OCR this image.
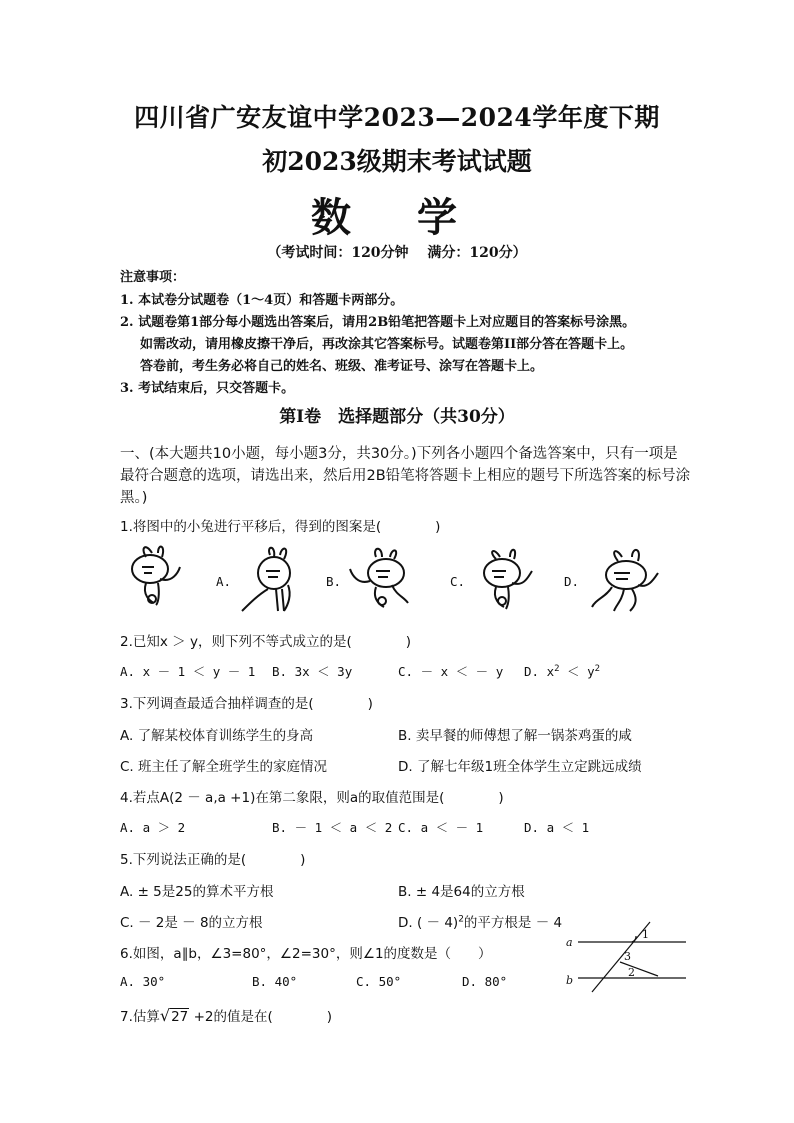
四川省广安友谊中学2023—2024学年度下期
初2023级期末考试试题
数 学
（考试时间：120分钟　 满分：120分）
注意事项：
1. 本试卷分试题卷（1～4页）和答题卡两部分。
2. 试题卷第1部分每小题选出答案后，请用2B铅笔把答题卡上对应题目的答案标号涂黑。
如需改动，请用橡皮擦干净后，再改涂其它答案标号。试题卷第II部分答在答题卡上。
答卷前，考生务必将自己的姓名、班级、准考证号、涂写在答题卡上。
3. 考试结束后，只交答题卡。
第Ⅰ卷　选择题部分（共30分）
一、(本大题共10小题，每小题3分，共30分。)下列各小题四个备选答案中，只有一项是
最符合题意的选项，请选出来，然后用2B铅笔将答题卡上相应的题号下所选答案的标号涂
黑。)
1.将图中的小兔进行平移后，得到的图案是(　　　　)
A.	B.	C.	D.
2.已知x ＞ y，则下列不等式成立的是(　　　　)
A. x － 1 ＜ y － 1 B. 3x ＜ 3y	C. － x ＜ － y D. $x^2 < y^2$
3.下列调查最适合抽样调查的是(　　　　)
A. 了解某校体育训练学生的身高	B. 卖早餐的师傅想了解一锅茶鸡蛋的咸
C. 班主任了解全班学生的家庭情况	D. 了解七年级1班全体学生立定跳远成绩
4.若点A(2 － a,a +1)在第二象限，则a的取值范围是(　　　　)
A. a ＞ 2	B. － 1 ＜ a ＜ 2 C. a ＜ － 1	D. a ＜ 1
5.下列说法正确的是(　　　　)
A. ± 5是25的算术平方根	B. ± 4是64的立方根
C. － 2是 － 8的立方根	D. ( － 4)$^2$的平方根是 － 4
6.如图，a∥b，∠3=80°，∠2=30°，则∠1的度数是（　　）
A. 30°	B. 40°	C. 50°	D. 80°
a
b
1
2
3
7.估算√27 +2的值是在(　　　　)
